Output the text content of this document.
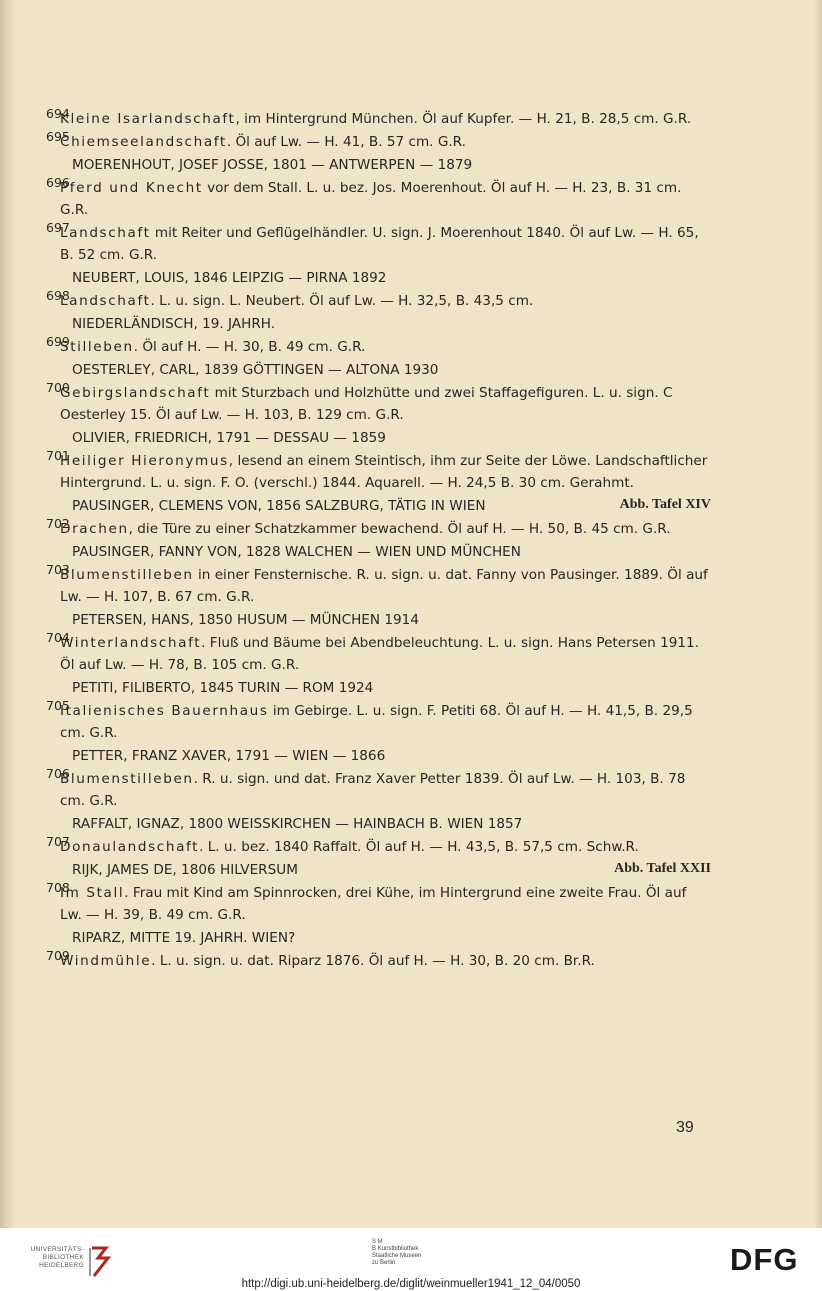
694
Kleine Isarlandschaft, im Hintergrund München. Öl auf Kupfer. — H. 21, B. 28,5 cm. G.R.
695
Chiemseelandschaft. Öl auf Lw. — H. 41, B. 57 cm. G.R.
MOERENHOUT, JOSEF JOSSE, 1801 — ANTWERPEN — 1879
696
Pferd und Knecht vor dem Stall. L. u. bez. Jos. Moerenhout. Öl auf H. — H. 23, B. 31 cm. G.R.
697
Landschaft mit Reiter und Geflügelhändler. U. sign. J. Moerenhout 1840. Öl auf Lw. — H. 65, B. 52 cm. G.R.
NEUBERT, LOUIS, 1846 LEIPZIG — PIRNA 1892
698
Landschaft. L. u. sign. L. Neubert. Öl auf Lw. — H. 32,5, B. 43,5 cm.
NIEDERLÄNDISCH, 19. JAHRH.
699
Stilleben. Öl auf H. — H. 30, B. 49 cm. G.R.
OESTERLEY, CARL, 1839 GÖTTINGEN — ALTONA 1930
700
Gebirgslandschaft mit Sturzbach und Holzhütte und zwei Staffagefiguren. L. u. sign. C Oesterley 15. Öl auf Lw. — H. 103, B. 129 cm. G.R.
OLIVIER, FRIEDRICH, 1791 — DESSAU — 1859
701
Heiliger Hieronymus, lesend an einem Steintisch, ihm zur Seite der Löwe. Landschaftlicher Hintergrund. L. u. sign. F. O. (verschl.) 1844. Aquarell. — H. 24,5 B. 30 cm. Gerahmt.
Abb. Tafel XIV
PAUSINGER, CLEMENS VON, 1856 SALZBURG, TÄTIG IN WIEN
702
Drachen, die Türe zu einer Schatzkammer bewachend. Öl auf H. — H. 50, B. 45 cm. G.R.
PAUSINGER, FANNY VON, 1828 WALCHEN — WIEN UND MÜNCHEN
703
Blumenstilleben in einer Fensternische. R. u. sign. u. dat. Fanny von Pausinger. 1889. Öl auf Lw. — H. 107, B. 67 cm. G.R.
PETERSEN, HANS, 1850 HUSUM — MÜNCHEN 1914
704
Winterlandschaft. Fluß und Bäume bei Abendbeleuchtung. L. u. sign. Hans Petersen 1911. Öl auf Lw. — H. 78, B. 105 cm. G.R.
PETITI, FILIBERTO, 1845 TURIN — ROM 1924
705
Italienisches Bauernhaus im Gebirge. L. u. sign. F. Petiti 68. Öl auf H. — H. 41,5, B. 29,5 cm. G.R.
PETTER, FRANZ XAVER, 1791 — WIEN — 1866
706
Blumenstilleben. R. u. sign. und dat. Franz Xaver Petter 1839. Öl auf Lw. — H. 103, B. 78 cm. G.R.
RAFFALT, IGNAZ, 1800 WEISSKIRCHEN — HAINBACH B. WIEN 1857
707
Donaulandschaft. L. u. bez. 1840 Raffalt. Öl auf H. — H. 43,5, B. 57,5 cm. Schw.R.
Abb. Tafel XXII
RIJK, JAMES DE, 1806 HILVERSUM
708
Im Stall. Frau mit Kind am Spinnrocken, drei Kühe, im Hintergrund eine zweite Frau. Öl auf Lw. — H. 39, B. 49 cm. G.R.
RIPARZ, MITTE 19. JAHRH. WIEN?
709
Windmühle. L. u. sign. u. dat. Riparz 1876. Öl auf H. — H. 30, B. 20 cm. Br.R.
39
UNIVERSITÄTS-
BIBLIOTHEK
HEIDELBERG
S M
B Kunstbibliothek
Staatliche Museen
zu Berlin	DFG
http://digi.ub.uni-heidelberg.de/diglit/weinmueller1941_12_04/0050
